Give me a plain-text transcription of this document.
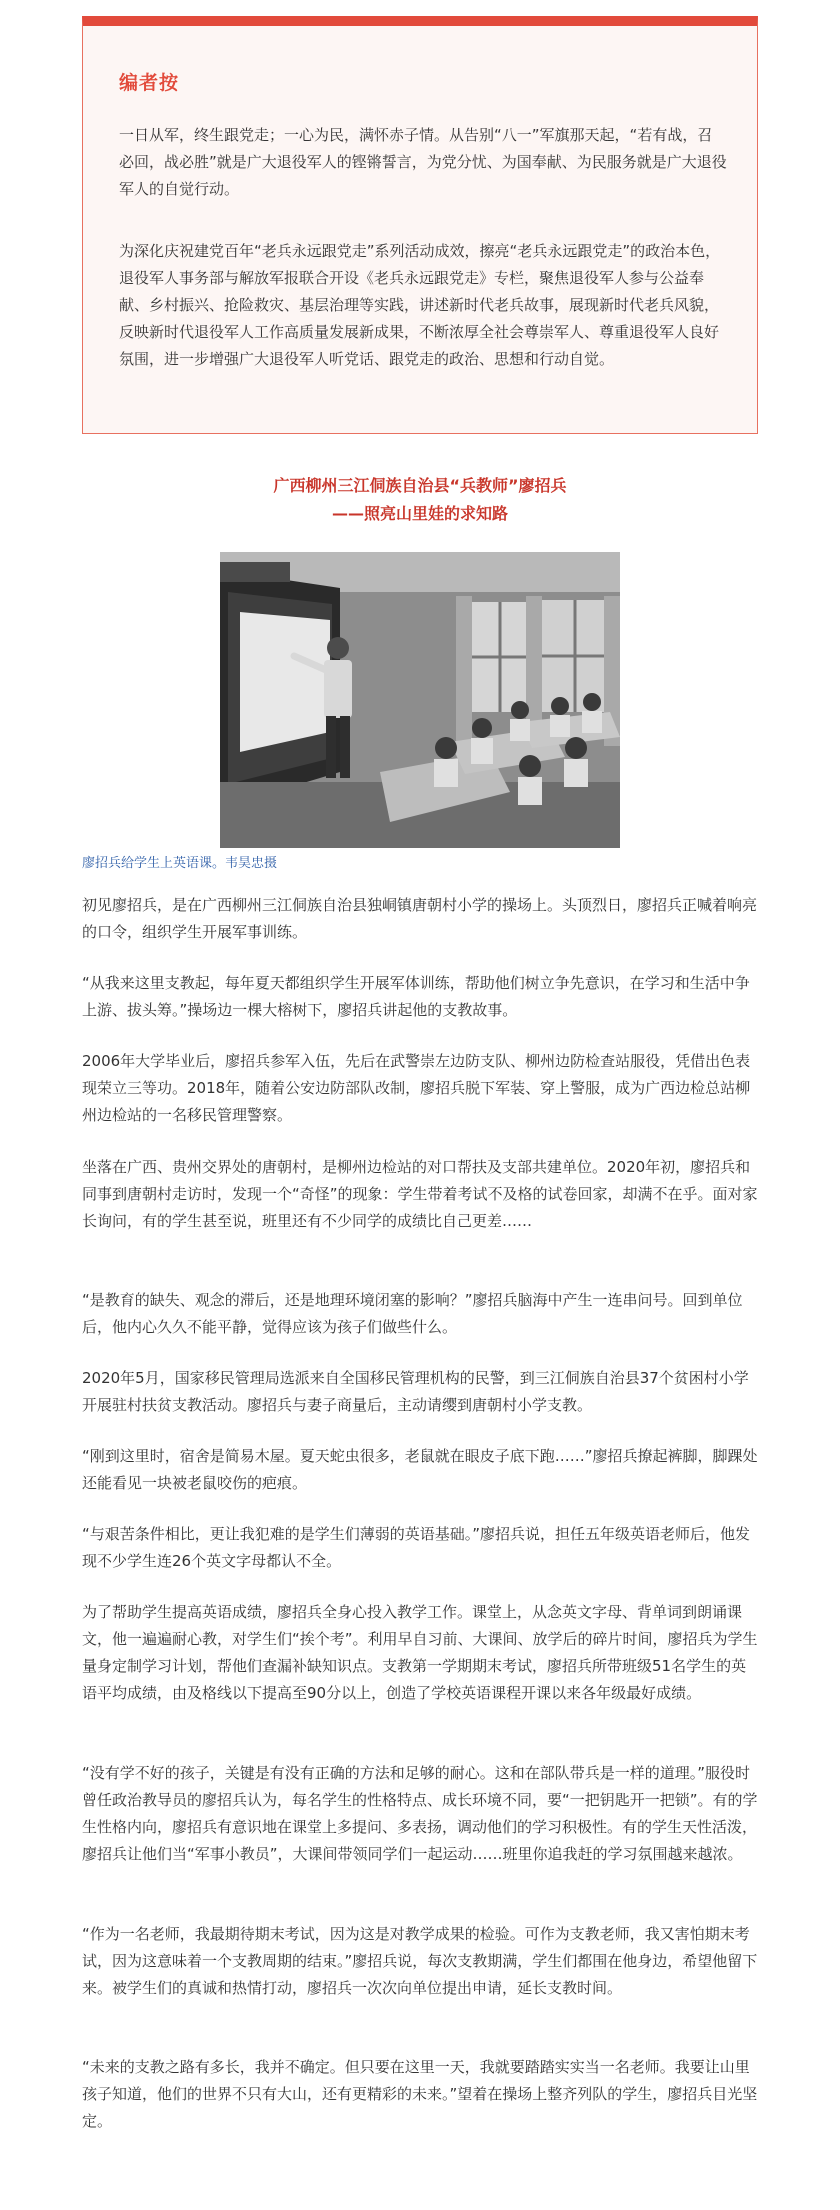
编者按

一日从军，终生跟党走；一心为民，满怀赤子情。从告别“八一”军旗那天起，“若有战，召必回，战必胜”就是广大退役军人的铿锵誓言，为党分忧、为国奉献、为民服务就是广大退役军人的自觉行动。

为深化庆祝建党百年“老兵永远跟党走”系列活动成效，擦亮“老兵永远跟党走”的政治本色，退役军人事务部与解放军报联合开设《老兵永远跟党走》专栏，聚焦退役军人参与公益奉献、乡村振兴、抢险救灾、基层治理等实践，讲述新时代老兵故事，展现新时代老兵风貌，反映新时代退役军人工作高质量发展新成果，不断浓厚全社会尊崇军人、尊重退役军人良好氛围，进一步增强广大退役军人听党话、跟党走的政治、思想和行动自觉。

广西柳州三江侗族自治县“兵教师”廖招兵
——照亮山里娃的求知路
廖招兵给学生上英语课。韦昊忠摄

初见廖招兵，是在广西柳州三江侗族自治县独峒镇唐朝村小学的操场上。头顶烈日，廖招兵正喊着响亮的口令，组织学生开展军事训练。

“从我来这里支教起，每年夏天都组织学生开展军体训练，帮助他们树立争先意识，在学习和生活中争上游、拔头筹。”操场边一棵大榕树下，廖招兵讲起他的支教故事。

2006年大学毕业后，廖招兵参军入伍，先后在武警崇左边防支队、柳州边防检查站服役，凭借出色表现荣立三等功。2018年，随着公安边防部队改制，廖招兵脱下军装、穿上警服，成为广西边检总站柳州边检站的一名移民管理警察。

坐落在广西、贵州交界处的唐朝村，是柳州边检站的对口帮扶及支部共建单位。2020年初，廖招兵和同事到唐朝村走访时，发现一个“奇怪”的现象：学生带着考试不及格的试卷回家，却满不在乎。面对家长询问，有的学生甚至说，班里还有不少同学的成绩比自己更差……

“是教育的缺失、观念的滞后，还是地理环境闭塞的影响？”廖招兵脑海中产生一连串问号。回到单位后，他内心久久不能平静，觉得应该为孩子们做些什么。

2020年5月，国家移民管理局选派来自全国移民管理机构的民警，到三江侗族自治县37个贫困村小学开展驻村扶贫支教活动。廖招兵与妻子商量后，主动请缨到唐朝村小学支教。

“刚到这里时，宿舍是简易木屋。夏天蛇虫很多，老鼠就在眼皮子底下跑……”廖招兵撩起裤脚，脚踝处还能看见一块被老鼠咬伤的疤痕。

“与艰苦条件相比，更让我犯难的是学生们薄弱的英语基础。”廖招兵说，担任五年级英语老师后，他发现不少学生连26个英文字母都认不全。

为了帮助学生提高英语成绩，廖招兵全身心投入教学工作。课堂上，从念英文字母、背单词到朗诵课文，他一遍遍耐心教，对学生们“挨个考”。利用早自习前、大课间、放学后的碎片时间，廖招兵为学生量身定制学习计划，帮他们查漏补缺知识点。支教第一学期期末考试，廖招兵所带班级51名学生的英语平均成绩，由及格线以下提高至90分以上，创造了学校英语课程开课以来各年级最好成绩。

“没有学不好的孩子，关键是有没有正确的方法和足够的耐心。这和在部队带兵是一样的道理。”服役时曾任政治教导员的廖招兵认为，每名学生的性格特点、成长环境不同，要“一把钥匙开一把锁”。有的学生性格内向，廖招兵有意识地在课堂上多提问、多表扬，调动他们的学习积极性。有的学生天性活泼，廖招兵让他们当“军事小教员”，大课间带领同学们一起运动……班里你追我赶的学习氛围越来越浓。

“作为一名老师，我最期待期末考试，因为这是对教学成果的检验。可作为支教老师，我又害怕期末考试，因为这意味着一个支教周期的结束。”廖招兵说，每次支教期满，学生们都围在他身边，希望他留下来。被学生们的真诚和热情打动，廖招兵一次次向单位提出申请，延长支教时间。

“未来的支教之路有多长，我并不确定。但只要在这里一天，我就要踏踏实实当一名老师。我要让山里孩子知道，他们的世界不只有大山，还有更精彩的未来。”望着在操场上整齐列队的学生，廖招兵目光坚定。
